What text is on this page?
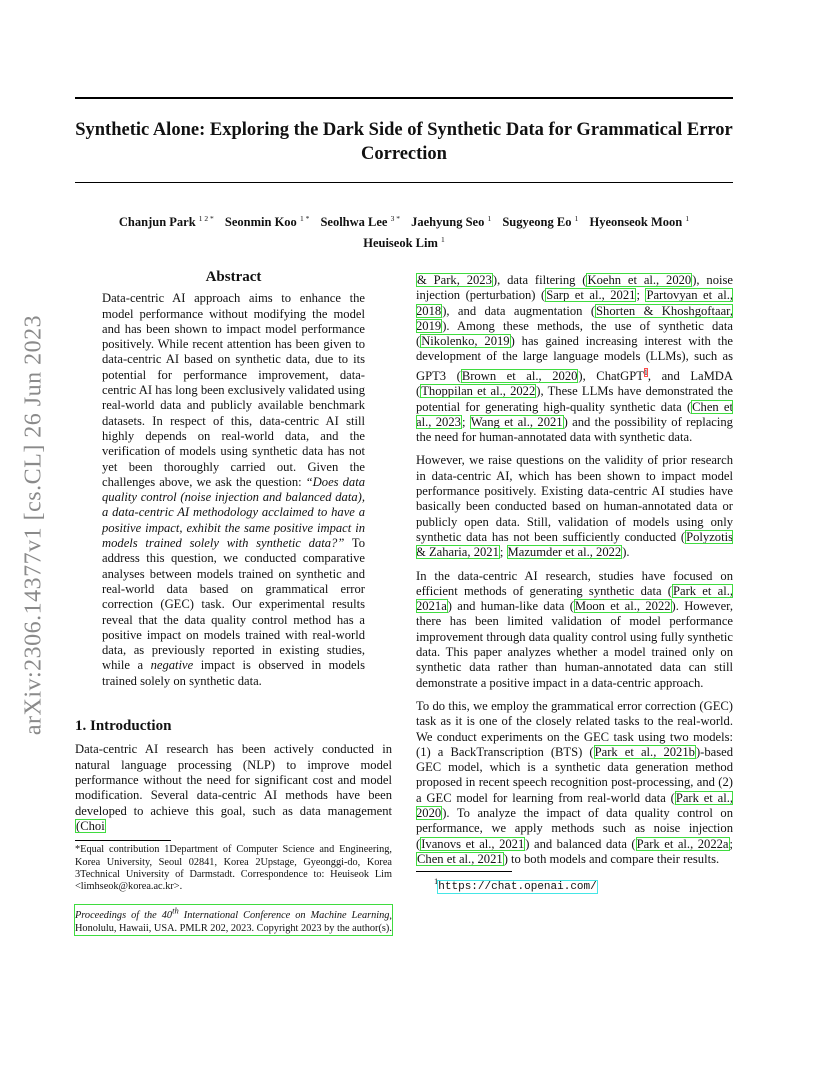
Synthetic Alone: Exploring the Dark Side of Synthetic Data for Grammatical Error Correction
Chanjun Park $^{1 2 *}$ Seonmin Koo $^{1 *}$ Seolhwa Lee $^{3 *}$ Jaehyung Seo $^1$ Sugyeong Eo $^1$ Hyeonseok Moon $^1$
Heuiseok Lim $^1$
arXiv:2306.14377v1 [cs.CL] 26 Jun 2023
Abstract

Data-centric AI approach aims to enhance the model performance without modifying the model and has been shown to impact model performance positively. While recent attention has been given to data-centric AI based on synthetic data, due to its potential for performance improvement, data-centric AI has long been exclusively validated using real-world data and publicly available benchmark datasets. In respect of this, data-centric AI still highly depends on real-world data, and the verification of models using synthetic data has not yet been thoroughly carried out. Given the challenges above, we ask the question: “Does data quality control (noise injection and balanced data), a data-centric AI methodology acclaimed to have a positive impact, exhibit the same positive impact in models trained solely with synthetic data?” To address this question, we conducted comparative analyses between models trained on synthetic and real-world data based on grammatical error correction (GEC) task. Our experimental results reveal that the data quality control method has a positive impact on models trained with real-world data, as previously reported in existing studies, while a negative impact is observed in models trained solely on synthetic data.

1. Introduction

Data-centric AI research has been actively conducted in natural language processing (NLP) to improve model performance without the need for significant cost and model modification. Several data-centric AI methods have been developed to achieve this goal, such as data management (Choi

*Equal contribution 1Department of Computer Science and Engineering, Korea University, Seoul 02841, Korea 2Upstage, Gyeonggi-do, Korea 3Technical University of Darmstadt. Correspondence to: Heuiseok Lim <limhseok@korea.ac.kr>.
Proceedings of the 40th International Conference on Machine Learning, Honolulu, Hawaii, USA. PMLR 202, 2023. Copyright 2023 by the author(s).

& Park, 2023), data filtering (Koehn et al., 2020), noise injection (perturbation) (Sarp et al., 2021; Partovyan et al., 2018), and data augmentation (Shorten & Khoshgoftaar, 2019). Among these methods, the use of synthetic data (Nikolenko, 2019) has gained increasing interest with the development of the large language models (LLMs), such as GPT3 (Brown et al., 2020), ChatGPT$^1$, and LaMDA (Thoppilan et al., 2022), These LLMs have demonstrated the potential for generating high-quality synthetic data (Chen et al., 2023; Wang et al., 2021) and the possibility of replacing the need for human-annotated data with synthetic data.

However, we raise questions on the validity of prior research in data-centric AI, which has been shown to impact model performance positively. Existing data-centric AI studies have basically been conducted based on human-annotated data or publicly open data. Still, validation of models using only synthetic data has not been sufficiently conducted (Polyzotis & Zaharia, 2021; Mazumder et al., 2022).

In the data-centric AI research, studies have focused on efficient methods of generating synthetic data (Park et al., 2021a) and human-like data (Moon et al., 2022). However, there has been limited validation of model performance improvement through data quality control using fully synthetic data. This paper analyzes whether a model trained only on synthetic data rather than human-annotated data can still demonstrate a positive impact in a data-centric approach.

To do this, we employ the grammatical error correction (GEC) task as it is one of the closely related tasks to the real-world. We conduct experiments on the GEC task using two models: (1) a BackTranscription (BTS) (Park et al., 2021b)-based GEC model, which is a synthetic data generation method proposed in recent speech recognition post-processing, and (2) a GEC model for learning from real-world data (Park et al., 2020). To analyze the impact of data quality control on performance, we apply methods such as noise injection (Ivanovs et al., 2021) and balanced data (Park et al., 2022a; Chen et al., 2021) to both models and compare their results.

$^1$https://chat.openai.com/
